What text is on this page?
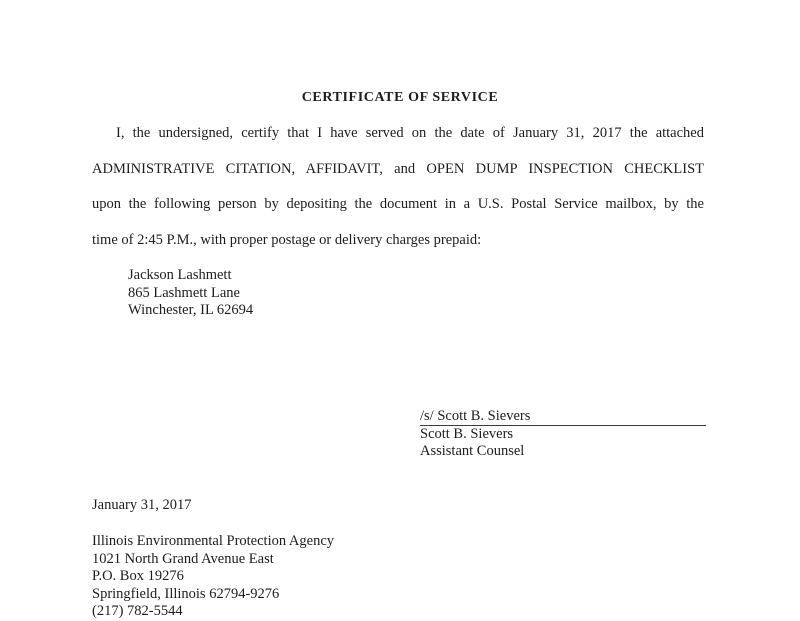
CERTIFICATE OF SERVICE
I, the undersigned, certify that I have served on the date of January 31, 2017 the attached
ADMINISTRATIVE CITATION, AFFIDAVIT, and OPEN DUMP INSPECTION CHECKLIST
upon the following person by depositing the document in a U.S. Postal Service mailbox, by the
time of 2:45 P.M., with proper postage or delivery charges prepaid:
Jackson Lashmett
865 Lashmett Lane
Winchester, IL 62694
/s/ Scott B. Sievers
Scott B. Sievers
Assistant Counsel
January 31, 2017
Illinois Environmental Protection Agency
1021 North Grand Avenue East
P.O. Box 19276
Springfield, Illinois 62794-9276
(217) 782-5544
